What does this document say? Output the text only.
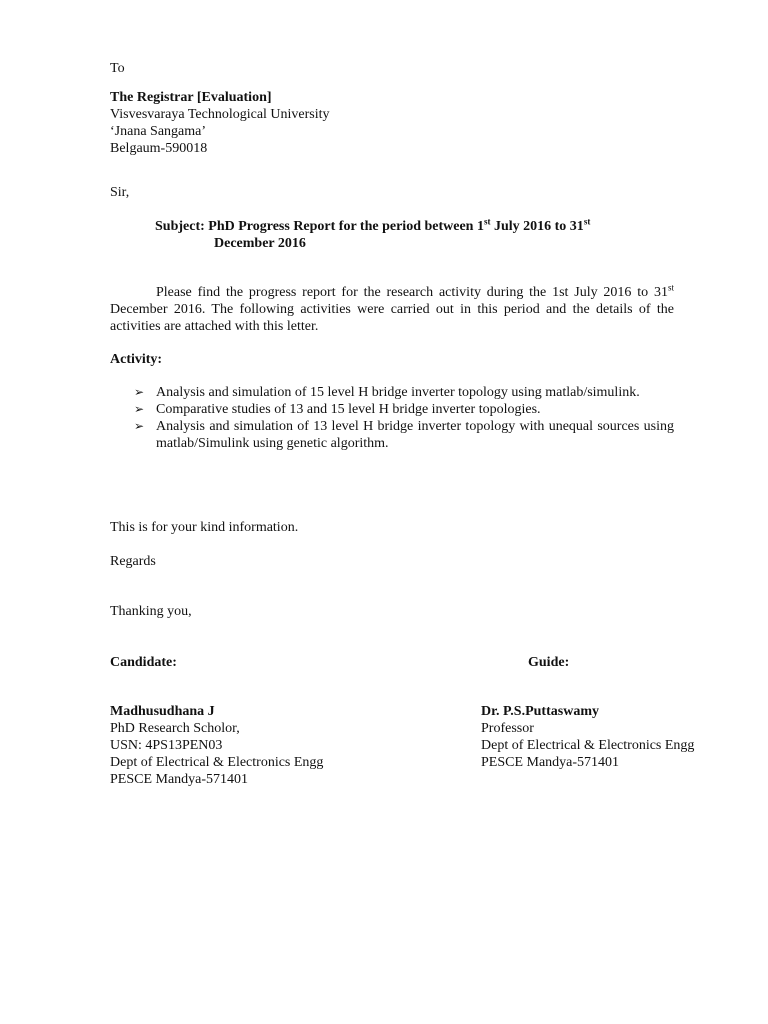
To
The Registrar [Evaluation]
Visvesvaraya Technological University
‘Jnana Sangama’
Belgaum-590018
Sir,
Subject: PhD Progress Report for the period between 1st July 2016 to 31st
December 2016
Please find the progress report for the research activity during the 1st July 2016 to 31st December 2016. The following activities were carried out in this period and the details of the activities are attached with this letter.
Activity:
➢ Analysis and simulation of 15 level H bridge inverter topology using matlab/simulink.
➢ Comparative studies of 13 and 15 level H bridge inverter topologies.
➢ Analysis and simulation of 13 level H bridge inverter topology with unequal sources using matlab/Simulink using genetic algorithm.
This is for your kind information.
Regards
Thanking you,
Candidate:	Guide:
Madhusudhana J
PhD Research Scholor,
USN: 4PS13PEN03
Dept of Electrical & Electronics Engg
PESCE Mandya-571401
Dr. P.S.Puttaswamy
Professor
Dept of Electrical & Electronics Engg
PESCE Mandya-571401
